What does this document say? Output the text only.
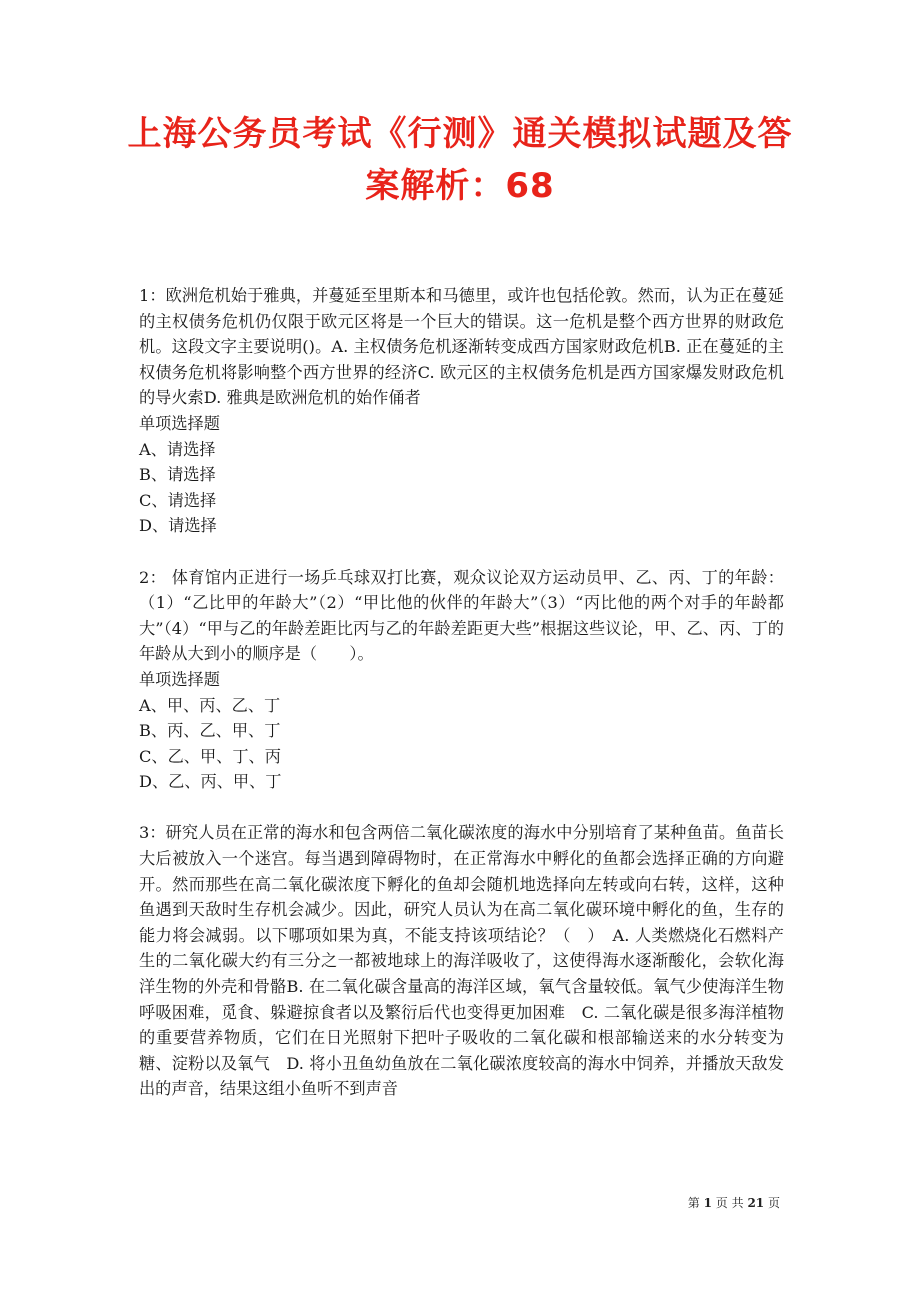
上海公务员考试《行测》通关模拟试题及答
案解析：68

1：欧洲危机始于雅典，并蔓延至里斯本和马德里，或许也包括伦敦。然而，认为正在蔓延的主权债务危机仍仅限于欧元区将是一个巨大的错误。这一危机是整个西方世界的财政危机。这段文字主要说明()。A. 主权债务危机逐渐转变成西方国家财政危机B. 正在蔓延的主权债务危机将影响整个西方世界的经济C. 欧元区的主权债务危机是西方国家爆发财政危机的导火索D. 雅典是欧洲危机的始作俑者

单项选择题

A、请选择

B、请选择

C、请选择

D、请选择

2： 体育馆内正进行一场乒乓球双打比赛，观众议论双方运动员甲、乙、丙、丁的年龄：（1）“乙比甲的年龄大”（2）“甲比他的伙伴的年龄大”（3）“丙比他的两个对手的年龄都大”（4）“甲与乙的年龄差距比丙与乙的年龄差距更大些”根据这些议论，甲、乙、丙、丁的年龄从大到小的顺序是（　　）。

单项选择题

A、甲、丙、乙、丁

B、丙、乙、甲、丁

C、乙、甲、丁、丙

D、乙、丙、甲、丁

3：研究人员在正常的海水和包含两倍二氧化碳浓度的海水中分别培育了某种鱼苗。鱼苗长大后被放入一个迷宫。每当遇到障碍物时，在正常海水中孵化的鱼都会选择正确的方向避开。然而那些在高二氧化碳浓度下孵化的鱼却会随机地选择向左转或向右转，这样，这种鱼遇到天敌时生存机会减少。因此，研究人员认为在高二氧化碳环境中孵化的鱼，生存的能力将会减弱。以下哪项如果为真，不能支持该项结论？（　）　A. 人类燃烧化石燃料产生的二氧化碳大约有三分之一都被地球上的海洋吸收了，这使得海水逐渐酸化，会软化海洋生物的外壳和骨骼B. 在二氧化碳含量高的海洋区域，氧气含量较低。氧气少使海洋生物呼吸困难，觅食、躲避掠食者以及繁衍后代也变得更加困难　C. 二氧化碳是很多海洋植物的重要营养物质，它们在日光照射下把叶子吸收的二氧化碳和根部输送来的水分转变为糖、淀粉以及氧气　D. 将小丑鱼幼鱼放在二氧化碳浓度较高的海水中饲养，并播放天敌发出的声音，结果这组小鱼听不到声音

第 1 页 共 21 页
